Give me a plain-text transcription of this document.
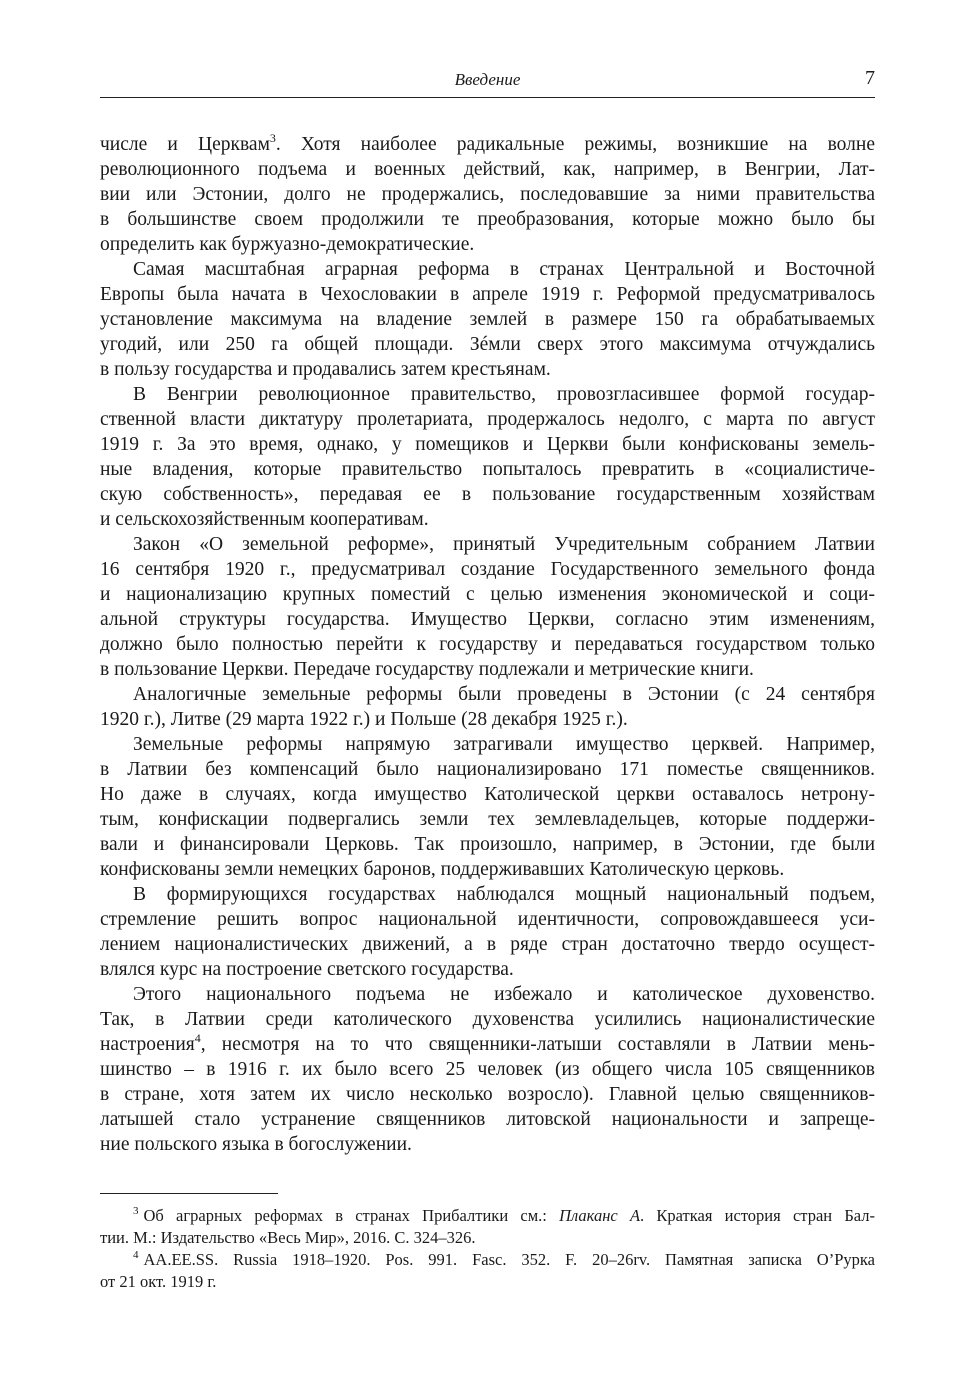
Введение	7
числе и Церквам$^3$. Хотя наиболее радикальные режимы, возникшие на волне
революционного подъема и военных действий, как, например, в Венгрии, Лат-
вии или Эстонии, долго не продержались, последовавшие за ними правительства
в большинстве своем продолжили те преобразования, которые можно было бы
определить как буржуазно-демократические.
Самая масштабная аграрная реформа в странах Центральной и Восточной
Европы была начата в Чехословакии в апреле 1919 г. Реформой предусматривалось
установление максимума на владение землей в размере 150 га обрабатываемых
угодий, или 250 га общей площади. Зéмли сверх этого максимума отчуждались
в пользу государства и продавались затем крестьянам.
В Венгрии революционное правительство, провозгласившее формой государ-
ственной власти диктатуру пролетариата, продержалось недолго, с марта по август
1919 г. За это время, однако, у помещиков и Церкви были конфискованы земель-
ные владения, которые правительство попыталось превратить в «социалистиче-
скую собственность», передавая ее в пользование государственным хозяйствам
и сельскохозяйственным кооперативам.
Закон «О земельной реформе», принятый Учредительным собранием Латвии
16 сентября 1920 г., предусматривал создание Государственного земельного фонда
и национализацию крупных поместий с целью изменения экономической и соци-
альной структуры государства. Имущество Церкви, согласно этим изменениям,
должно было полностью перейти к государству и передаваться государством только
в пользование Церкви. Передаче государству подлежали и метрические книги.
Аналогичные земельные реформы были проведены в Эстонии (с 24 сентября
1920 г.), Литве (29 марта 1922 г.) и Польше (28 декабря 1925 г.).
Земельные реформы напрямую затрагивали имущество церквей. Например,
в Латвии без компенсаций было национализировано 171 поместье священников.
Но даже в случаях, когда имущество Католической церкви оставалось нетрону-
тым, конфискации подвергались земли тех землевладельцев, которые поддержи-
вали и финансировали Церковь. Так произошло, например, в Эстонии, где были
конфискованы земли немецких баронов, поддерживавших Католическую церковь.
В формирующихся государствах наблюдался мощный национальный подъем,
стремление решить вопрос национальной идентичности, сопровождавшееся уси-
лением националистических движений, а в ряде стран достаточно твердо осущест-
влялся курс на построение светского государства.
Этого национального подъема не избежало и католическое духовенство.
Так, в Латвии среди католического духовенства усилились националистические
настроения$^4$, несмотря на то что священники-латыши составляли в Латвии мень-
шинство – в 1916 г. их было всего 25 человек (из общего числа 105 священников
в стране, хотя затем их число несколько возросло). Главной целью священников-
латышей стало устранение священников литовской национальности и запреще-
ние польского языка в богослужении.
$^3$ Об аграрных реформах в странах Прибалтики см.: Плаканс А. Краткая история стран Бал-
тии. М.: Издательство «Весь Мир», 2016. С. 324–326.
$^4$ AA.EE.SS. Russia 1918–1920. Pos. 991. Fasc. 352. F. 20–26rv. Памятная записка О’Рурка
от 21 окт. 1919 г.
